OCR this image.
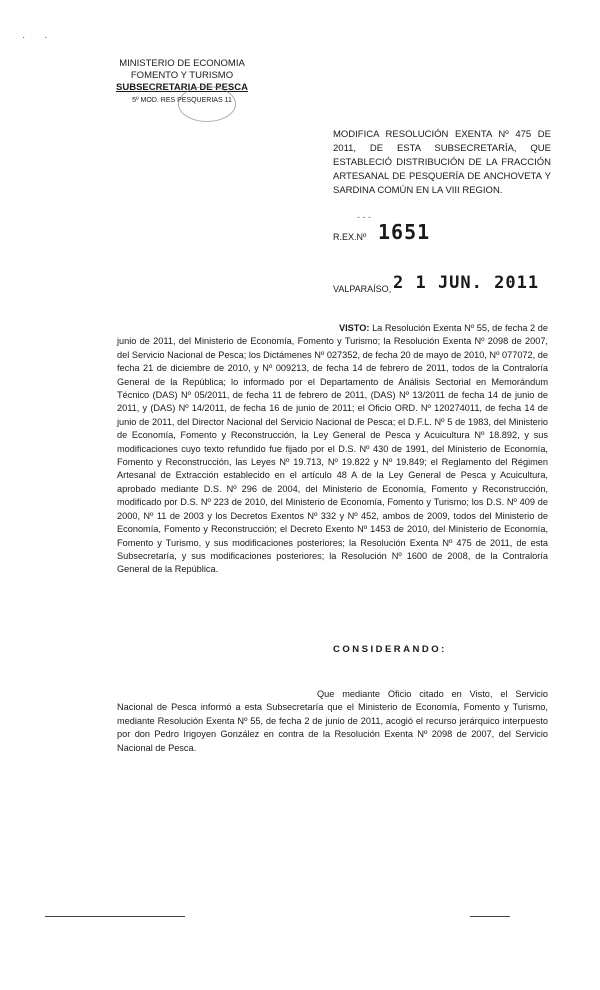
· ·
MINISTERIO DE ECONOMIA
FOMENTO Y TURISMO
SUBSECRETARIA DE PESCA
5º MOD. RES PESQUERIAS 11
MODIFICA RESOLUCIÓN EXENTA Nº 475 DE 2011, DE ESTA SUBSECRETARÍA, QUE ESTABLECIÓ DISTRIBUCIÓN DE LA FRACCIÓN ARTESANAL DE PESQUERÍA DE ANCHOVETA Y SARDINA COMÚN EN LA VIII REGION.
- - -
R.EX.Nº 1651
VALPARAÍSO, 2 1 JUN. 2011
VISTO: La Resolución Exenta Nº 55, de fecha 2 de junio de 2011, del Ministerio de Economía, Fomento y Turismo; la Resolución Exenta Nº 2098 de 2007, del Servicio Nacional de Pesca; los Dictámenes Nº 027352, de fecha 20 de mayo de 2010, Nº 077072, de fecha 21 de diciembre de 2010, y Nº 009213, de fecha 14 de febrero de 2011, todos de la Contraloría General de la República; lo informado por el Departamento de Análisis Sectorial en Memorándum Técnico (DAS) Nº 05/2011, de fecha 11 de febrero de 2011, (DAS) Nº 13/2011 de fecha 14 de junio de 2011, y (DAS) Nº 14/2011, de fecha 16 de junio de 2011; el Oficio ORD. Nº 120274011, de fecha 14 de junio de 2011, del Director Nacional del Servicio Nacional de Pesca; el D.F.L. Nº 5 de 1983, del Ministerio de Economía, Fomento y Reconstrucción, la Ley General de Pesca y Acuicultura Nº 18.892, y sus modificaciones cuyo texto refundido fue fijado por el D.S. Nº 430 de 1991, del Ministerio de Economía, Fomento y Reconstrucción, las Leyes Nº 19.713, Nº 19.822 y Nº 19.849; el Reglamento del Régimen Artesanal de Extracción establecido en el artículo 48 A de la Ley General de Pesca y Acuicultura, aprobado mediante D.S. Nº 296 de 2004, del Ministerio de Economía, Fomento y Reconstrucción, modificado por D.S. Nº 223 de 2010, del Ministerio de Economía, Fomento y Turismo; los D.S. Nº 409 de 2000, Nº 11 de 2003 y los Decretos Exentos Nº 332 y Nº 452, ambos de 2009, todos del Ministerio de Economía, Fomento y Reconstrucción; el Decreto Exento Nº 1453 de 2010, del Ministerio de Economía, Fomento y Turismo, y sus modificaciones posteriores; la Resolución Exenta Nº 475 de 2011, de esta Subsecretaría, y sus modificaciones posteriores; la Resolución Nº 1600 de 2008, de la Contraloría General de la República.
CONSIDERANDO:
Que mediante Oficio citado en Visto, el Servicio Nacional de Pesca informó a esta Subsecretaría que el Ministerio de Economía, Fomento y Turismo, mediante Resolución Exenta Nº 55, de fecha 2 de junio de 2011, acogió el recurso jerárquico interpuesto por don Pedro Irigoyen González en contra de la Resolución Exenta Nº 2098 de 2007, del Servicio Nacional de Pesca.
